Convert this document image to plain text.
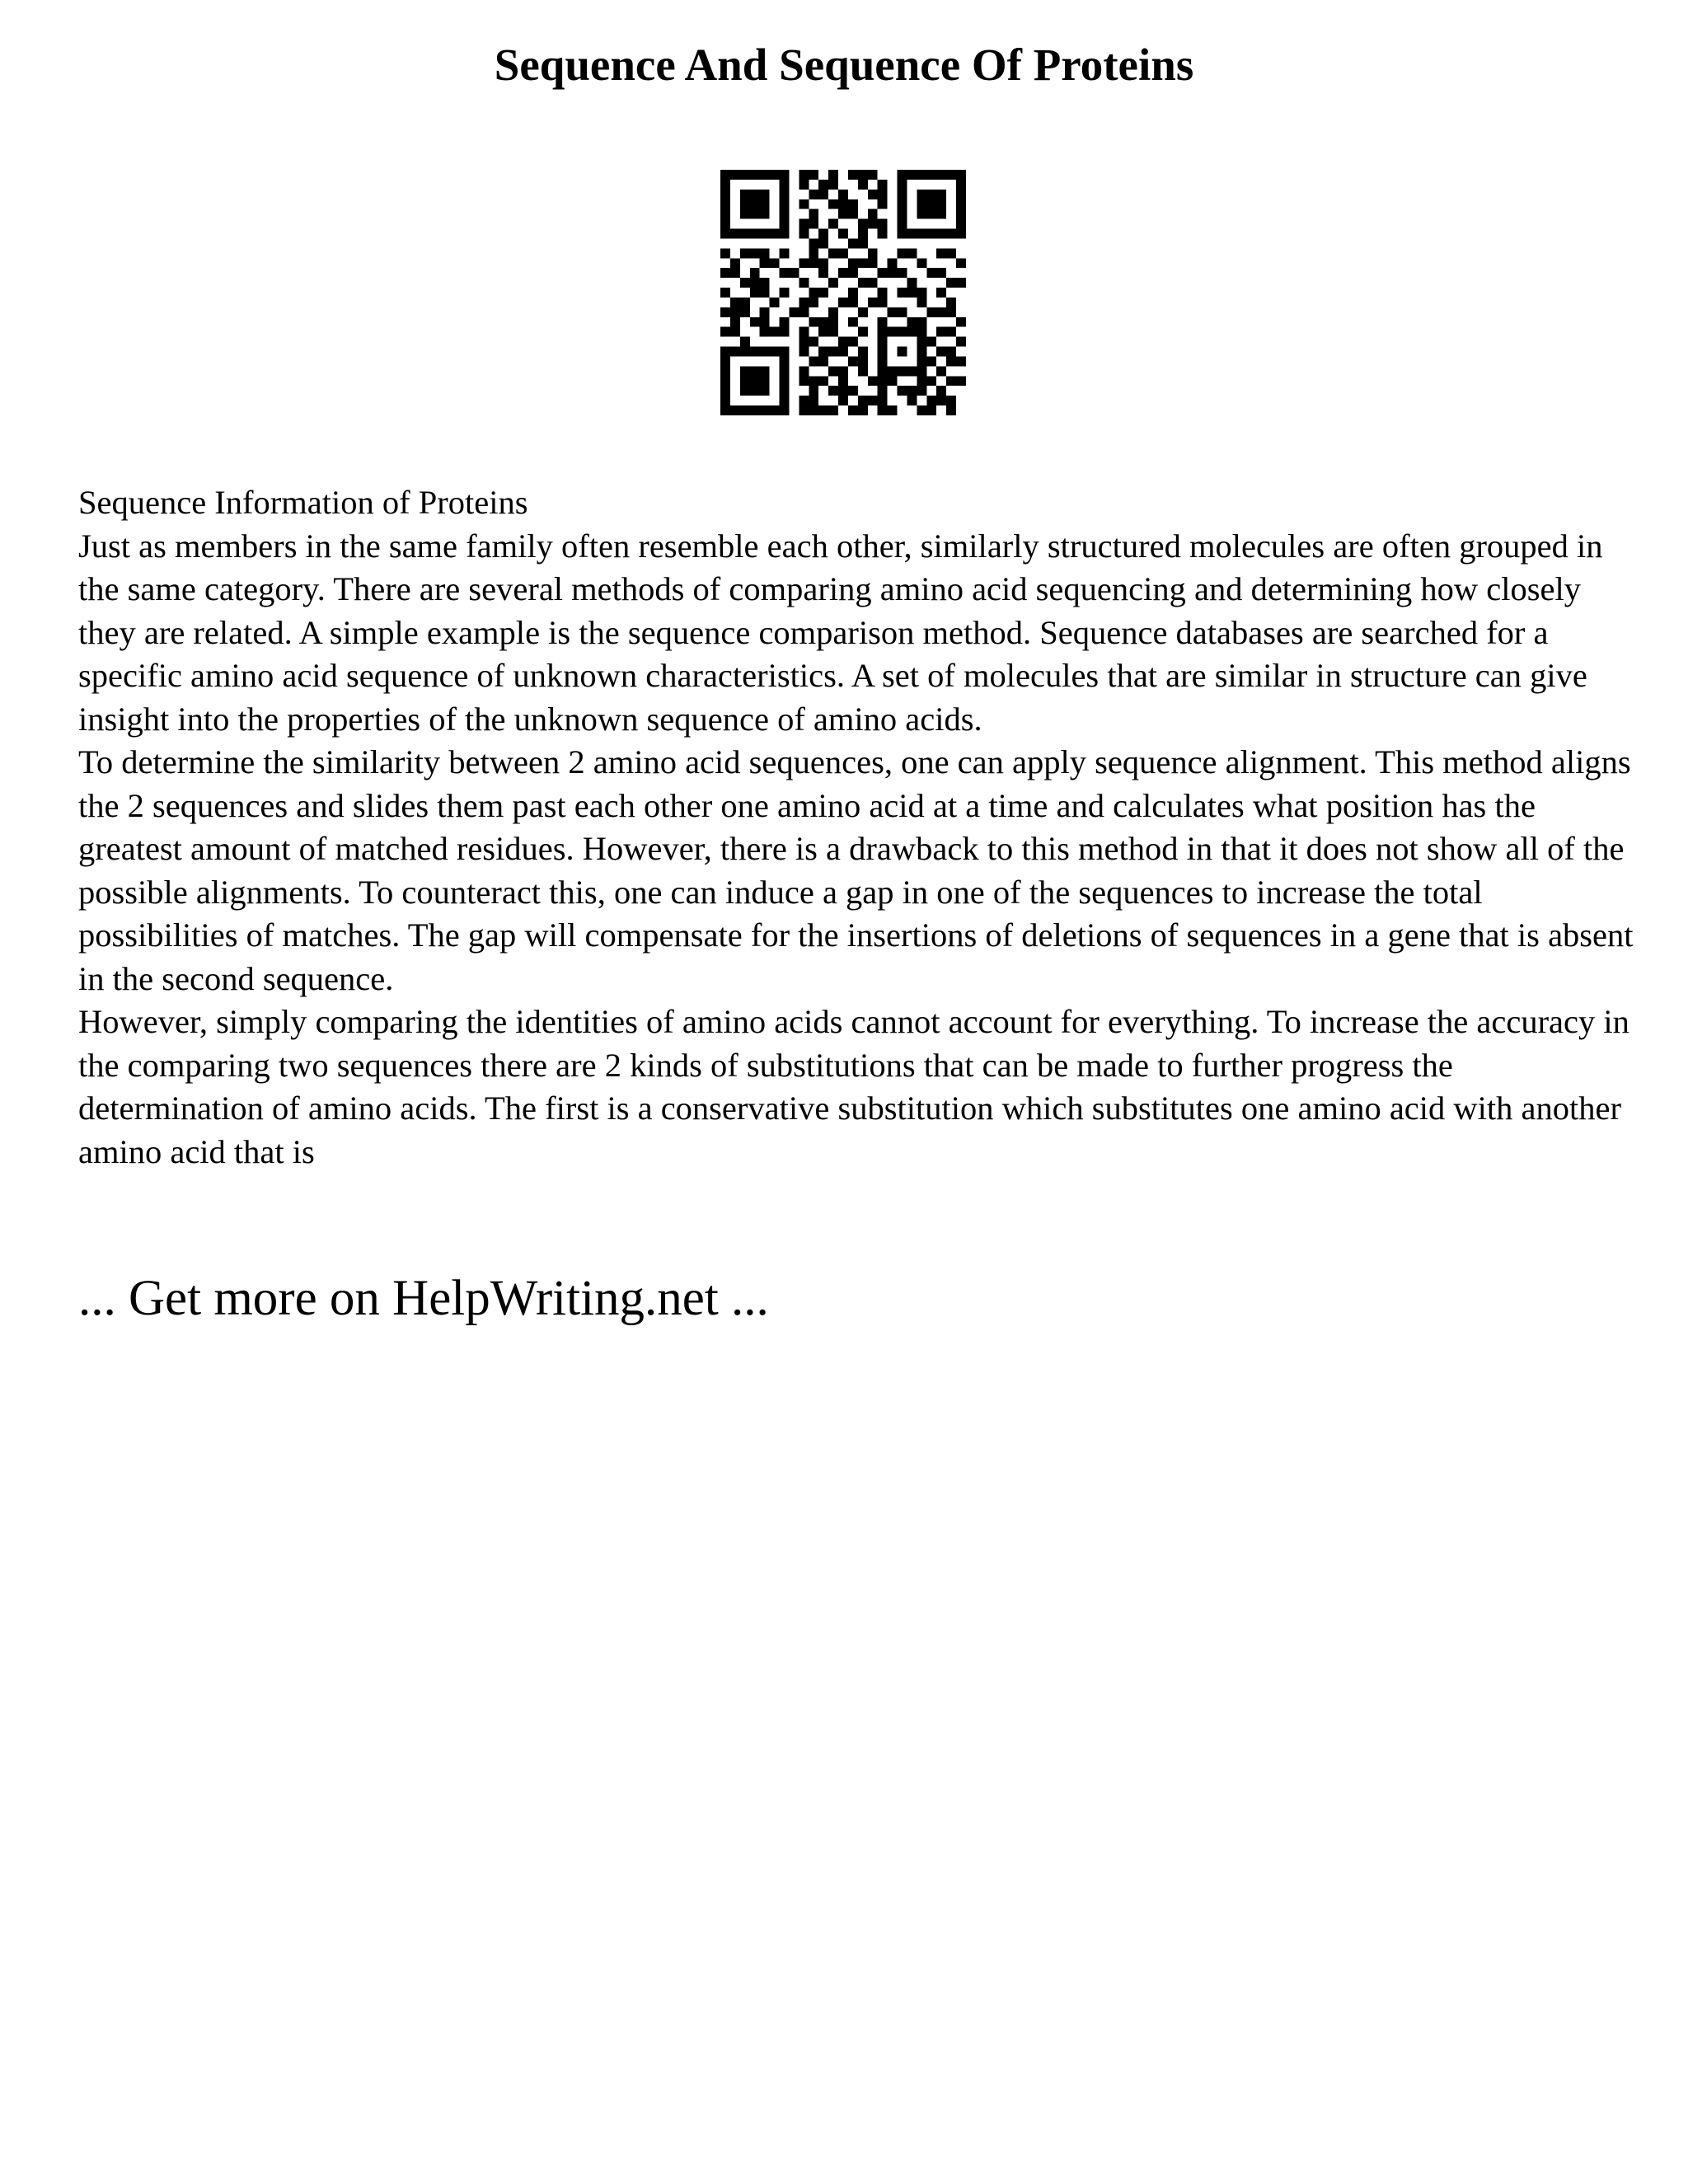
Sequence And Sequence Of Proteins

Sequence Information of Proteins

Just as members in the same family often resemble each other, similarly structured molecules are often grouped in the same category. There are several methods of comparing amino acid sequencing and determining how closely they are related. A simple example is the sequence comparison method. Sequence databases are searched for a specific amino acid sequence of unknown characteristics. A set of molecules that are similar in structure can give insight into the properties of the unknown sequence of amino acids.

To determine the similarity between 2 amino acid sequences, one can apply sequence alignment. This method aligns the 2 sequences and slides them past each other one amino acid at a time and calculates what position has the greatest amount of matched residues. However, there is a drawback to this method in that it does not show all of the possible alignments. To counteract this, one can induce a gap in one of the sequences to increase the total possibilities of matches. The gap will compensate for the insertions of deletions of sequences in a gene that is absent in the second sequence.

However, simply comparing the identities of amino acids cannot account for everything. To increase the accuracy in the comparing two sequences there are 2 kinds of substitutions that can be made to further progress the determination of amino acids. The first is a conservative substitution which substitutes one amino acid with another amino acid that is

... Get more on HelpWriting.net ...
